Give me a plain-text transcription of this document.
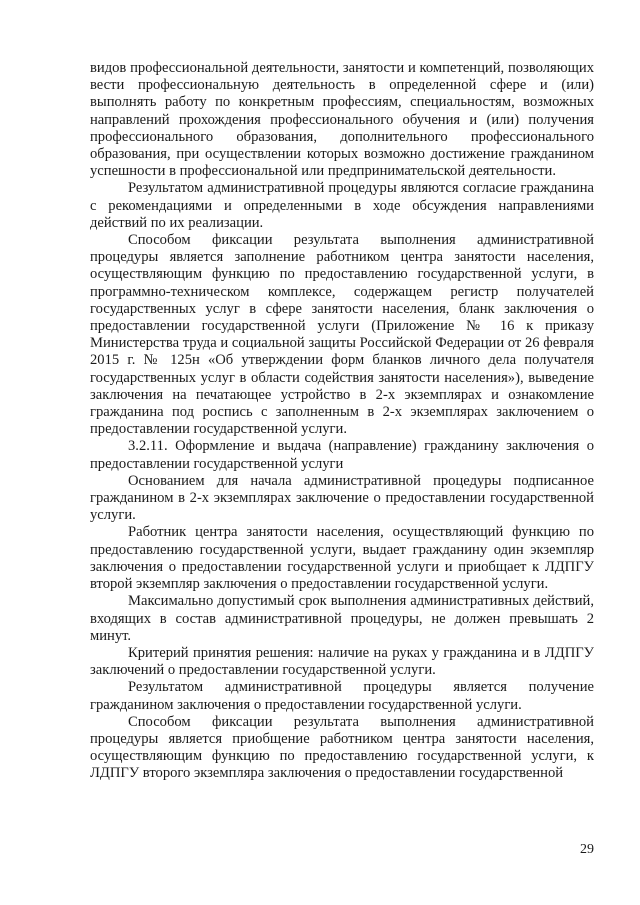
видов профессиональной деятельности, занятости и компетенций, позволяющих вести профессиональную деятельность в определенной сфере и (или) выполнять работу по конкретным профессиям, специальностям, возможных направлений прохождения профессионального обучения и (или) получения профессионального образования, дополнительного профессионального образования, при осуществлении которых возможно достижение гражданином успешности в профессиональной или предпринимательской деятельности.

Результатом административной процедуры являются согласие гражданина с рекомендациями и определенными в ходе обсуждения направлениями действий по их реализации.

Способом фиксации результата выполнения административной процедуры является заполнение работником центра занятости населения, осуществляющим функцию по предоставлению государственной услуги, в программно-техническом комплексе, содержащем регистр получателей государственных услуг в сфере занятости населения, бланк заключения о предоставлении государственной услуги (Приложение № 16 к приказу Министерства труда и социальной защиты Российской Федерации от 26 февраля 2015 г. № 125н «Об утверждении форм бланков личного дела получателя государственных услуг в области содействия занятости населения»), выведение заключения на печатающее устройство в 2-х экземплярах и ознакомление гражданина под роспись с заполненным в 2-х экземплярах заключением о предоставлении государственной услуги.

3.2.11. Оформление и выдача (направление) гражданину заключения о предоставлении государственной услуги

Основанием для начала административной процедуры подписанное гражданином в 2-х экземплярах заключение о предоставлении государственной услуги.

Работник центра занятости населения, осуществляющий функцию по предоставлению государственной услуги, выдает гражданину один экземпляр заключения о предоставлении государственной услуги и приобщает к ЛДПГУ второй экземпляр заключения о предоставлении государственной услуги.

Максимально допустимый срок выполнения административных действий, входящих в состав административной процедуры, не должен превышать 2 минут.

Критерий принятия решения: наличие на руках у гражданина и в ЛДПГУ заключений о предоставлении государственной услуги.

Результатом административной процедуры является получение гражданином заключения о предоставлении государственной услуги.

Способом фиксации результата выполнения административной процедуры является приобщение работником центра занятости населения, осуществляющим функцию по предоставлению государственной услуги, к ЛДПГУ второго экземпляра заключения о предоставлении государственной

29
